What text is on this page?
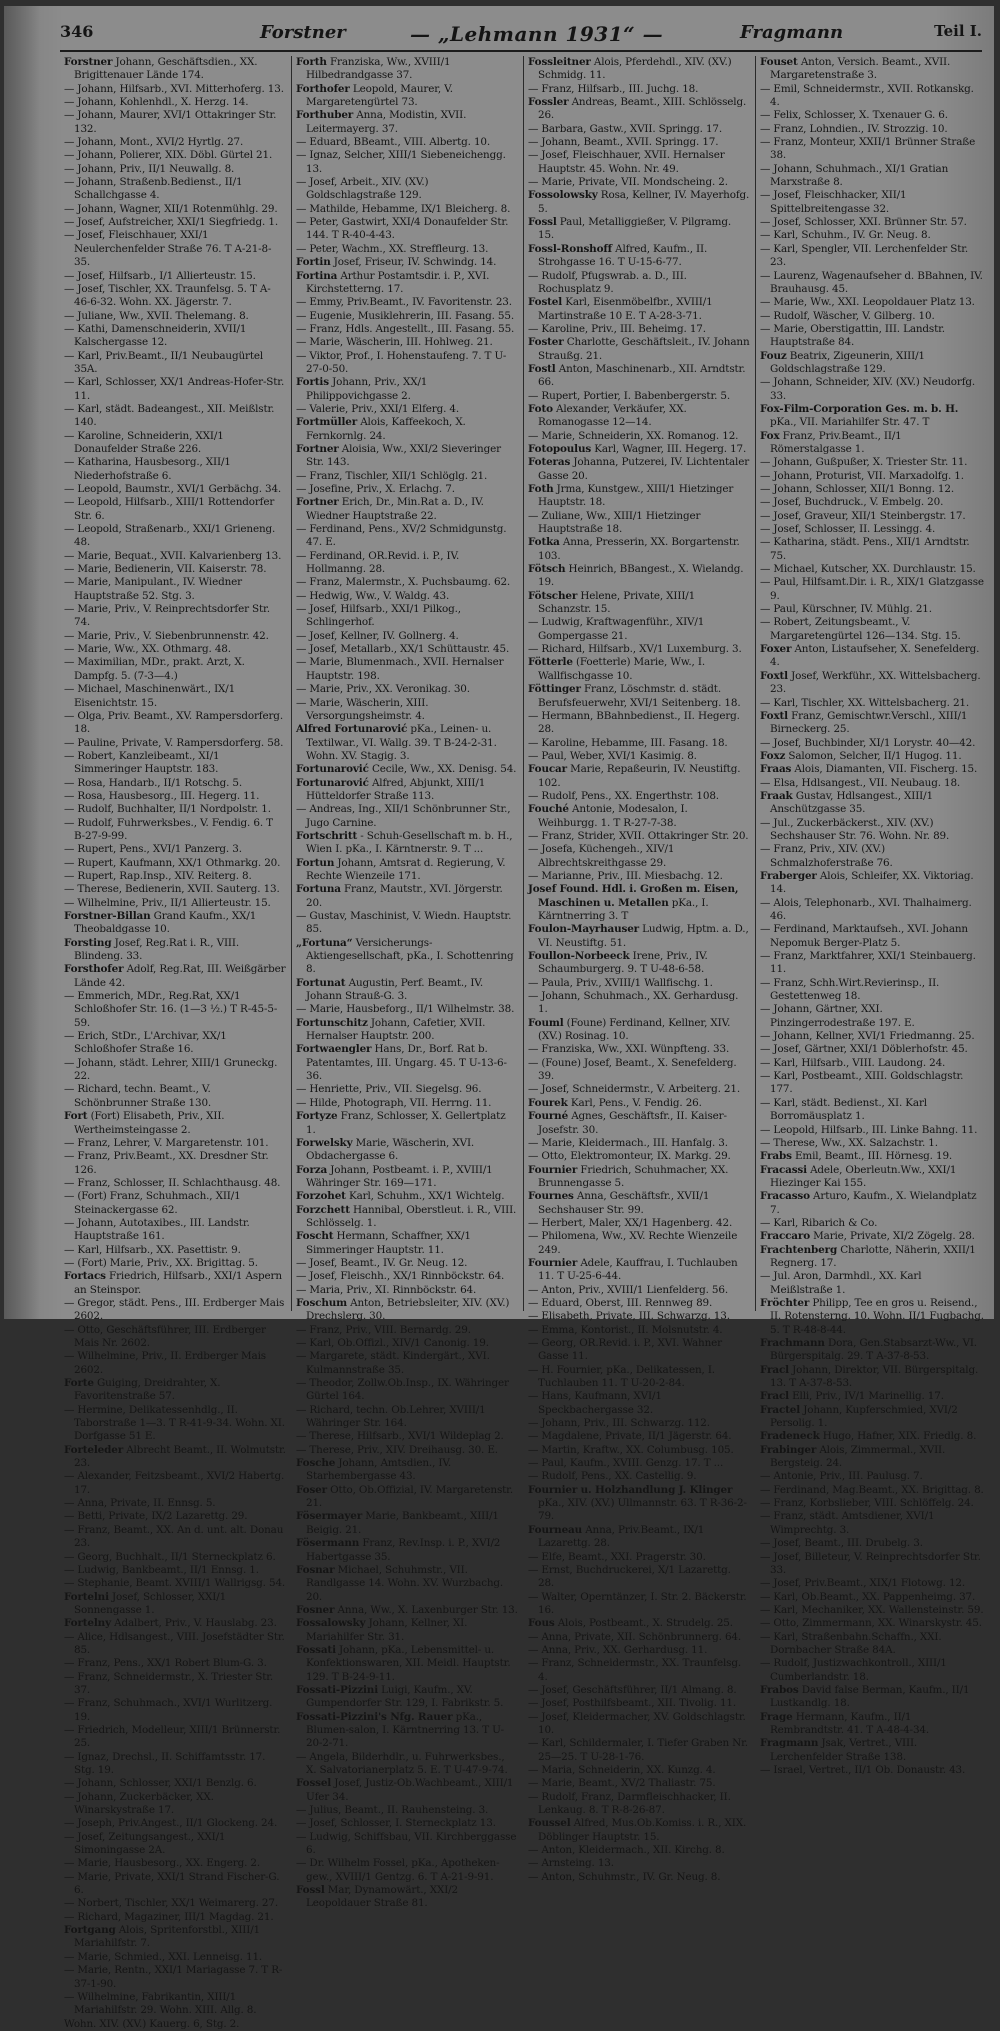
346	Forstner	— „Lehmann 1931“ —	Fragmann	Teil I.

Forstner Johann, Geschäftsdien., XX. Brigittenauer Lände 174.

— Johann, Hilfsarb., XVI. Mitterhoferg. 13.

— Johann, Kohlenhdl., X. Herzg. 14.

— Johann, Maurer, XVI/1 Ottakringer Str. 132.

— Johann, Mont., XVI/2 Hyrtlg. 27.

— Johann, Polierer, XIX. Döbl. Gürtel 21.

— Johann, Priv., II/1 Neuwallg. 8.

— Johann, Straßenb.Bedienst., II/1 Schallchgasse 4.

— Johann, Wagner, XII/1 Rotenmühlg. 29.

— Josef, Aufstreicher, XXI/1 Siegfriedg. 1.

— Josef, Fleischhauer, XXI/1 Neulerchenfelder Straße 76. T A-21-8-35.

— Josef, Hilfsarb., I/1 Allierteustr. 15.

— Josef, Tischler, XX. Traunfelsg. 5. T A-46-6-32. Wohn. XX. Jägerstr. 7.

— Juliane, Ww., XVII. Thelemang. 8.

— Kathi, Damenschneiderin, XVII/1 Kalschergasse 12.

— Karl, Priv.Beamt., II/1 Neubaugürtel 35A.

— Karl, Schlosser, XX/1 Andreas-Hofer-Str. 11.

— Karl, städt. Badeangest., XII. Meißlstr. 140.

— Karoline, Schneiderin, XXI/1 Donaufelder Straße 226.

— Katharina, Hausbesorg., XII/1 Niederhofstraße 6.

— Leopold, Baumstr., XVI/1 Gerbächg. 34.

— Leopold, Hilfsarb., XIII/1 Rottendorfer Str. 6.

— Leopold, Straßenarb., XXI/1 Grieneng. 48.

— Marie, Bequat., XVII. Kalvarienberg 13.

— Marie, Bedienerin, VII. Kaiserstr. 78.

— Marie, Manipulant., IV. Wiedner Hauptstraße 52. Stg. 3.

— Marie, Priv., V. Reinprechtsdorfer Str. 74.

— Marie, Priv., V. Siebenbrunnenstr. 42.

— Marie, Ww., XX. Othmarg. 48.

— Maximilian, MDr., prakt. Arzt, X. Dampfg. 5. (7-3—4.)

— Michael, Maschinenwärt., IX/1 Eisenichtstr. 15.

— Olga, Priv. Beamt., XV. Rampersdorferg. 18.

— Pauline, Private, V. Rampersdorferg. 58.

— Robert, Kanzleibeamt., XI/1 Simmeringer Hauptstr. 183.

— Rosa, Handarb., II/1 Rotschg. 5.

— Rosa, Hausbesorg., III. Hegerg. 11.

— Rudolf, Buchhalter, II/1 Nordpolstr. 1.

— Rudolf, Fuhrwerksbes., V. Fendig. 6. T B-27-9-99.

— Rupert, Pens., XVI/1 Panzerg. 3.

— Rupert, Kaufmann, XX/1 Othmarkg. 20.

— Rupert, Rap.Insp., XIV. Reiterg. 8.

— Therese, Bedienerin, XVII. Sauterg. 13.

— Wilhelmine, Priv., II/1 Allierteustr. 15.

Forstner-Billan Grand Kaufm., XX/1 Theobaldgasse 10.

Forsting Josef, Reg.Rat i. R., VIII. Blindeng. 33.

Forsthofer Adolf, Reg.Rat, III. Weißgärber Lände 42.

— Emmerich, MDr., Reg.Rat, XX/1 Schloßhofer Str. 16. (1—3 ½.) T R-45-5-59.

— Erich, StDr., L'Archivar, XX/1 Schloßhofer Straße 16.

— Johann, städt. Lehrer, XIII/1 Gruneckg. 22.

— Richard, techn. Beamt., V. Schönbrunner Straße 130.

Fort (Fort) Elisabeth, Priv., XII. Wertheimsteingasse 2.

— Franz, Lehrer, V. Margaretenstr. 101.

— Franz, Priv.Beamt., XX. Dresdner Str. 126.

— Franz, Schlosser, II. Schlachthausg. 48.

— (Fort) Franz, Schuhmach., XII/1 Steinackergasse 62.

— Johann, Autotaxibes., III. Landstr. Hauptstraße 161.

— Karl, Hilfsarb., XX. Pasettistr. 9.

— (Fort) Marie, Priv., XX. Brigittag. 5.

Fortacs Friedrich, Hilfsarb., XXI/1 Aspern an Steinspor.

— Gregor, städt. Pens., III. Erdberger Mais 2602.

— Otto, Geschäftsführer, III. Erdberger Mais Nr. 2602.

— Wilhelmine, Priv., II. Erdberger Mais 2602.

Forte Guiging, Dreidrahter, X. Favoritenstraße 57.

— Hermine, Delikatessenhdlg., II. Taborstraße 1—3. T R-41-9-34. Wohn. XI. Dorfgasse 51 E.

Forteleder Albrecht Beamt., II. Wolmutstr. 23.

— Alexander, Feitzsbeamt., XVI/2 Habertg. 17.

— Anna, Private, II. Ennsg. 5.

— Betti, Private, IX/2 Lazarettg. 29.

— Franz, Beamt., XX. An d. unt. alt. Donau 23.

— Georg, Buchhalt., II/1 Sterneckplatz 6.

— Ludwig, Bankbeamt., II/1 Ennsg. 1.

— Stephanie, Beamt. XVIII/1 Wallrigsg. 54.

Fortelni Josef, Schlosser, XXI/1 Sonnengasse 1.

Fortelny Adalbert, Priv., V. Hauslabg. 23.

— Alice, Hdlsangest., VIII. Josefstädter Str. 85.

— Franz, Pens., XX/1 Robert Blum-G. 3.

— Franz, Schneidermstr., X. Triester Str. 37.

— Franz, Schuhmach., XVI/1 Wurlitzerg. 19.

— Friedrich, Modelleur, XIII/1 Brünnerstr. 25.

— Ignaz, Drechsl., II. Schiffamtsstr. 17. Stg. 19.

— Johann, Schlosser, XXI/1 Benzlg. 6.

— Johann, Zuckerbäcker, XX. Winarskystraße 17.

— Joseph, Priv.Angest., II/1 Glockeng. 24.

— Josef, Zeitungsangest., XXI/1 Simoningasse 2A.

— Marie, Hausbesorg., XX. Engerg. 2.

— Marie, Private, XXI/1 Strand Fischer-G. 6.

— Norbert, Tischler, XX/1 Weimarerg. 27.

— Richard, Magaziner, III/1 Magdag. 21.

Fortgang Alois, Spritenforstbl., XIII/1 Mariahilfstr. 7.

— Marie, Schmied., XXI. Lenneisg. 11.

— Marie, Rentn., XXI/1 Mariagasse 7. T R-37-1-90.

— Wilhelmine, Fabrikantin, XIII/1 Mariahilfstr. 29. Wohn. XIII. Allg. 8.

Wohn. XIV. (XV.) Kauerg. 6, Stg. 2.

Forth Franziska, Ww., XVIII/1 Hilbedrandgasse 37.

Forthofer Leopold, Maurer, V. Margaretengürtel 73.

Forthuber Anna, Modistin, XVII. Leitermayerg. 37.

— Eduard, BBeamt., VIII. Albertg. 10.

— Ignaz, Selcher, XIII/1 Siebeneichengg. 13.

— Josef, Arbeit., XIV. (XV.) Goldschlagstraße 129.

— Mathilde, Hebamme, IX/1 Bleicherg. 8.

— Peter, Gastwirt, XXI/4 Donaufelder Str. 144. T R-40-4-43.

— Peter, Wachm., XX. Streffleurg. 13.

Fortin Josef, Friseur, IV. Schwindg. 14.

Fortina Arthur Postamtsdir. i. P., XVI. Kirchstetterng. 17.

— Emmy, Priv.Beamt., IV. Favoritenstr. 23.

— Eugenie, Musiklehrerin, III. Fasang. 55.

— Franz, Hdls. Angestellt., III. Fasang. 55.

— Marie, Wäscherin, III. Hohlweg. 21.

— Viktor, Prof., I. Hohenstaufeng. 7. T U-27-0-50.

Fortis Johann, Priv., XX/1 Philippovichgasse 2.

— Valerie, Priv., XXI/1 Elferg. 4.

Fortmüller Alois, Kaffeekoch, X. Fernkornlg. 24.

Fortner Aloisia, Ww., XXI/2 Sieveringer Str. 143.

— Franz, Tischler, XII/1 Schlöglg. 21.

— Josefine, Priv., X. Erlachg. 7.

Fortner Erich, Dr., Min.Rat a. D., IV. Wiedner Hauptstraße 22.

— Ferdinand, Pens., XV/2 Schmidgunstg. 47. E.

— Ferdinand, OR.Revid. i. P., IV. Hollmanng. 28.

— Franz, Malermstr., X. Puchsbaumg. 62.

— Hedwig, Ww., V. Waldg. 43.

— Josef, Hilfsarb., XXI/1 Pilkog., Schlingerhof.

— Josef, Kellner, IV. Gollnerg. 4.

— Josef, Metallarb., XX/1 Schüttaustr. 45.

— Marie, Blumenmach., XVII. Hernalser Hauptstr. 198.

— Marie, Priv., XX. Veronikag. 30.

— Marie, Wäscherin, XIII. Versorgungsheimstr. 4.

Alfred Fortunarović pKa., Leinen- u. Textilwar., VI. Wallg. 39. T B-24-2-31. Wohn. XV. Stagig. 3.

Fortunarović Cecile, Ww., XX. Denisg. 54.

Fortunarović Alfred, Abjunkt, XIII/1 Hütteldorfer Straße 113.

— Andreas, Ing., XII/1 Schönbrunner Str., Jugo Carnine.

Fortschritt - Schuh-Gesellschaft m. b. H., Wien I. pKa., I. Kärntnerstr. 9. T ...

Fortun Johann, Amtsrat d. Regierung, V. Rechte Wienzeile 171.

Fortuna Franz, Mautstr., XVI. Jörgerstr. 20.

— Gustav, Maschinist, V. Wiedn. Hauptstr. 85.

„Fortuna“ Versicherungs-Aktiengesellschaft, pKa., I. Schottenring 8.

Fortunat Augustin, Perf. Beamt., IV. Johann Strauß-G. 3.

— Marie, Hausbeforg., II/1 Wilhelmstr. 38.

Fortunschitz Johann, Cafetier, XVII. Hernalser Hauptstr. 200.

Fortwaengler Hans, Dr., Borf. Rat b. Patentamtes, III. Ungarg. 45. T U-13-6-36.

— Henriette, Priv., VII. Siegelsg. 96.

— Hilde, Photograph, VII. Herrng. 11.

Fortyze Franz, Schlosser, X. Gellertplatz 1.

Forwelsky Marie, Wäscherin, XVI. Obdachergasse 6.

Forza Johann, Postbeamt. i. P., XVIII/1 Währinger Str. 169—171.

Forzohet Karl, Schuhm., XX/1 Wichtelg.

Forzchett Hannibal, Oberstleut. i. R., VIII. Schlösselg. 1.

Foscht Hermann, Schaffner, XX/1 Simmeringer Hauptstr. 11.

— Josef, Beamt., IV. Gr. Neug. 12.

— Josef, Fleischh., XX/1 Rinnböckstr. 64.

— Maria, Priv., XI. Rinnböckstr. 64.

Foschum Anton, Betriebsleiter, XIV. (XV.) Drechslerg. 30.

— Franz, Priv., VIII. Bernardg. 29.

— Karl, Ob.Offizl., XIV/1 Canonig. 19.

— Margarete, städt. Kindergärt., XVI. Kulmannstraße 35.

— Theodor, Zollw.Ob.Insp., IX. Währinger Gürtel 164.

— Richard, techn. Ob.Lehrer, XVIII/1 Währinger Str. 164.

— Therese, Hilfsarb., XVI/1 Wildeplag 2.

— Therese, Priv., XIV. Dreihausg. 30. E.

Fosche Johann, Amtsdien., IV. Starhembergasse 43.

Foser Otto, Ob.Offizial, IV. Margaretenstr. 21.

Fösermayer Marie, Bankbeamt., XIII/1 Beigig. 21.

Fösermann Franz, Rev.Insp. i. P., XVI/2 Habertgasse 35.

Fosnar Michael, Schuhmstr., VII. Randlgasse 14. Wohn. XV. Wurzbachg. 20.

Fosner Anna, Ww., X. Laxenburger Str. 13.

Fossalowsky Johann, Kellner, XI. Mariahilfer Str. 31.

Fossati Johann, pKa., Lebensmittel- u. Konfektionswaren, XII. Meidl. Hauptstr. 129. T B-24-9-11.

Fossati-Pizzini Luigi, Kaufm., XV. Gumpendorfer Str. 129, I. Fabrikstr. 5.

Fossati-Pizzini's Nfg. Rauer pKa., Blumen-salon, I. Kärntnerring 13. T U-20-2-71.

— Angela, Bilderhdlr., u. Fuhrwerksbes., X. Salvatorianerplatz 5. E. T U-47-9-74.

Fossel Josef, Justiz-Ob.Wachbeamt., XIII/1 Ufer 34.

— Julius, Beamt., II. Rauhensteing. 3.

— Josef, Schlosser, I. Sterneckplatz 13.

— Ludwig, Schiffsbau, VII. Kirchberggasse 6.

— Dr. Wilhelm Fossel, pKa., Apotheken-gew., XVIII/1 Gentzg. 6. T A-21-9-91.

Fossl Mar, Dynamowärt., XXI/2 Leopoldauer Straße 81.

Fossleitner Alois, Pferdehdl., XIV. (XV.) Schmidg. 11.

— Franz, Hilfsarb., III. Juchg. 18.

Fossler Andreas, Beamt., XIII. Schlösselg. 26.

— Barbara, Gastw., XVII. Springg. 17.

— Johann, Beamt., XVII. Springg. 17.

— Josef, Fleischhauer, XVII. Hernalser Hauptstr. 45. Wohn. Nr. 49.

— Marie, Private, VII. Mondscheing. 2.

Fossolowsky Rosa, Kellner, IV. Mayerhofg. 5.

Fossl Paul, Metalliggießer, V. Pilgramg. 15.

Fossl-Ronshoff Alfred, Kaufm., II. Strohgasse 16. T U-15-6-77.

— Rudolf, Pfugswrab. a. D., III. Rochusplatz 9.

Fostel Karl, Eisenmöbelfbr., XVIII/1 Martinstraße 10 E. T A-28-3-71.

— Karoline, Priv., III. Beheimg. 17.

Foster Charlotte, Geschäftsleit., IV. Johann Straußg. 21.

Fostl Anton, Maschinenarb., XII. Arndtstr. 66.

— Rupert, Portier, I. Babenbergerstr. 5.

Foto Alexander, Verkäufer, XX. Romanogasse 12—14.

— Marie, Schneiderin, XX. Romanog. 12.

Fotopoulus Karl, Wagner, III. Hegerg. 17.

Foteras Johanna, Putzerei, IV. Lichtentaler Gasse 20.

Foth Jrma, Kunstgew., XIII/1 Hietzinger Hauptstr. 18.

— Zuliane, Ww., XIII/1 Hietzinger Hauptstraße 18.

Fotka Anna, Presserin, XX. Borgartenstr. 103.

Fötsch Heinrich, BBangest., X. Wielandg. 19.

Fötscher Helene, Private, XIII/1 Schanzstr. 15.

— Ludwig, Kraftwagenführ., XIV/1 Gompergasse 21.

— Richard, Hilfsarb., XV/1 Luxemburg. 3.

Fötterle (Foetterle) Marie, Ww., I. Wallfischgasse 10.

Föttinger Franz, Löschmstr. d. städt. Berufsfeuerwehr, XVI/1 Seitenberg. 18.

— Hermann, BBahnbedienst., II. Hegerg. 28.

— Karoline, Hebamme, III. Fasang. 18.

— Paul, Weber, XVI/1 Kasimig. 8.

Foucar Marie, Repaßeurin, IV. Neustiftg. 102.

— Rudolf, Pens., XX. Engerthstr. 108.

Fouché Antonie, Modesalon, I. Weihburgg. 1. T R-27-7-38.

— Franz, Strider, XVII. Ottakringer Str. 20.

— Josefa, Küchengeh., XIV/1 Albrechtskreithgasse 29.

— Marianne, Priv., III. Miesbachg. 12.

Josef Found. Hdl. i. Großen m. Eisen, Maschinen u. Metallen pKa., I. Kärntnerring 3. T

Foulon-Mayrhauser Ludwig, Hptm. a. D., VI. Neustiftg. 51.

Foullon-Norbeeck Irene, Priv., IV. Schaumburgerg. 9. T U-48-6-58.

— Paula, Priv., XVIII/1 Wallfischg. 1.

— Johann, Schuhmach., XX. Gerhardusg. 1.

Fouml (Foune) Ferdinand, Kellner, XIV. (XV.) Rosinag. 10.

— Franziska, Ww., XXI. Wünpfteng. 33.

— (Foune) Josef, Beamt., X. Senefelderg. 39.

— Josef, Schneidermstr., V. Arbeiterg. 21.

Fourek Karl, Pens., V. Fendig. 26.

Fourné Agnes, Geschäftsfr., II. Kaiser-Josefstr. 30.

— Marie, Kleidermach., III. Hanfalg. 3.

— Otto, Elektromonteur, IX. Markg. 29.

Fournier Friedrich, Schuhmacher, XX. Brunnengasse 5.

Fournes Anna, Geschäftsfr., XVII/1 Sechshauser Str. 99.

— Herbert, Maler, XX/1 Hagenberg. 42.

— Philomena, Ww., XV. Rechte Wienzeile 249.

Fournier Adele, Kauffrau, I. Tuchlauben 11. T U-25-6-44.

— Anton, Priv., XVIII/1 Lienfelderg. 56.

— Eduard, Oberst, III. Rennweg 89.

— Elisabeth, Private, III. Schwarzg. 13.

— Emma, Kontorist., II. Molsnutstr. 4.

— Georg, OR.Revid. i. P., XVI. Wahner Gasse 11.

— H. Fournier, pKa., Delikatessen, I. Tuchlauben 11. T U-20-2-84.

— Hans, Kaufmann, XVI/1 Speckbachergasse 32.

— Johann, Priv., III. Schwarzg. 112.

— Magdalene, Private, II/1 Jägerstr. 64.

— Martin, Kraftw., XX. Columbusg. 105.

— Paul, Kaufm., XVIII. Genzg. 17. T ...

— Rudolf, Pens., XX. Castellig. 9.

Fournier u. Holzhandlung J. Klinger pKa., XIV. (XV.) Ullmannstr. 63. T R-36-2-79.

Fourneau Anna, Priv.Beamt., IX/1 Lazarettg. 28.

— Elfe, Beamt., XXI. Pragerstr. 30.

— Ernst, Buchdruckerei, X/1 Lazarettg. 28.

— Walter, Operntänzer, I. Str. 2. Bäckerstr. 16.

Fous Alois, Postbeamt., X. Strudelg. 25.

— Anna, Private, XII. Schönbrunnerg. 64.

— Anna, Priv., XX. Gerhardusg. 11.

— Franz, Schneidermstr., XX. Traunfelsg. 4.

— Josef, Geschäftsführer, II/1 Almang. 8.

— Josef, Posthilfsbeamt., XII. Tivolig. 11.

— Josef, Kleidermacher, XV. Goldschlagstr. 10.

— Karl, Schildermaler, I. Tiefer Graben Nr. 25—25. T U-28-1-76.

— Maria, Schneiderin, XX. Kunzg. 4.

— Marie, Beamt., XV/2 Thaliastr. 75.

— Rudolf, Franz, Darmfleischhacker, II. Lenkaug. 8. T R-8-26-87.

Foussel Alfred, Mus.Ob.Komiss. i. R., XIX. Döblinger Hauptstr. 15.

— Anton, Kleidermach., XII. Kirchg. 8.

— Arnsteing. 13.

— Anton, Schuhmstr., IV. Gr. Neug. 8.

Fouset Anton, Versich. Beamt., XVII. Margaretenstraße 3.

— Emil, Schneidermstr., XVII. Rotkanskg. 4.

— Felix, Schlosser, X. Txenauer G. 6.

— Franz, Lohndien., IV. Strozzig. 10.

— Franz, Monteur, XXII/1 Brünner Straße 38.

— Johann, Schuhmach., XI/1 Gratian Marxstraße 8.

— Josef, Fleischhacker, XII/1 Spittelbreitengasse 32.

— Josef, Schlosser, XXI. Brünner Str. 57.

— Karl, Schuhm., IV. Gr. Neug. 8.

— Karl, Spengler, VII. Lerchenfelder Str. 23.

— Laurenz, Wagenaufseher d. BBahnen, IV. Brauhausg. 45.

— Marie, Ww., XXI. Leopoldauer Platz 13.

— Rudolf, Wäscher, V. Gilberg. 10.

— Marie, Oberstigattin, III. Landstr. Hauptstraße 84.

Fouz Beatrix, Zigeunerin, XIII/1 Goldschlagstraße 129.

— Johann, Schneider, XIV. (XV.) Neudorfg. 33.

Fox-Film-Corporation Ges. m. b. H. pKa., VII. Mariahilfer Str. 47. T

Fox Franz, Priv.Beamt., II/1 Römerstalgasse 1.

— Johann, Gußpußer, X. Triester Str. 11.

— Johann, Proturist, VII. Marxadolfg. 1.

— Johann, Schlosser, XII/1 Bonng. 12.

— Josef, Buchdruck., V. Embelg. 20.

— Josef, Graveur, XII/1 Steinbergstr. 17.

— Josef, Schlosser, II. Lessingg. 4.

— Katharina, städt. Pens., XII/1 Arndtstr. 75.

— Michael, Kutscher, XX. Durchlaustr. 15.

— Paul, Hilfsamt.Dir. i. R., XIX/1 Glatzgasse 9.

— Paul, Kürschner, IV. Mühlg. 21.

— Robert, Zeitungsbeamt., V. Margaretengürtel 126—134. Stg. 15.

Foxer Anton, Listaufseher, X. Senefelderg. 4.

Foxtl Josef, Werkführ., XX. Wittelsbacherg. 23.

— Karl, Tischler, XX. Wittelsbacherg. 21.

Foxtl Franz, Gemischtwr.Verschl., XIII/1 Birneckerg. 25.

— Josef, Buchbinder, XI/1 Lorystr. 40—42.

Foxz Salomon, Selcher, II/1 Hugog. 11.

Fraas Alois, Diamanten, VII. Fischerg. 15.

— Elsa, Hdlsangest., VII. Neubaug. 18.

Fraak Gustav, Hdlsangest., XIII/1 Anschützgasse 35.

— Jul., Zuckerbäckerst., XIV. (XV.) Sechshauser Str. 76. Wohn. Nr. 89.

— Franz, Priv., XIV. (XV.) Schmalzhoferstraße 76.

Fraberger Alois, Schleifer, XX. Viktoriag. 14.

— Alois, Telephonarb., XVI. Thalhaimerg. 46.

— Ferdinand, Marktaufseh., XVI. Johann Nepomuk Berger-Platz 5.

— Franz, Marktfahrer, XXI/1 Steinbauerg. 11.

— Franz, Schh.Wirt.Revierinsp., II. Gestettenweg 18.

— Johann, Gärtner, XXI. Pinzingerrodestraße 197. E.

— Johann, Kellner, XVI/1 Friedmanng. 25.

— Josef, Gärtner, XXI/1 Döblerhofstr. 45.

— Karl, Hilfsarb., VIII. Laudong. 24.

— Karl, Postbeamt., XIII. Goldschlagstr. 177.

— Karl, städt. Bedienst., XI. Karl Borromäusplatz 1.

— Leopold, Hilfsarb., III. Linke Bahng. 11.

— Therese, Ww., XX. Salzachstr. 1.

Frabs Emil, Beamt., III. Hörnesg. 19.

Fracassi Adele, Oberleutn.Ww., XXI/1 Hiezinger Kai 155.

Fracasso Arturo, Kaufm., X. Wielandplatz 7.

— Karl, Ribarich & Co.

Fraccaro Marie, Private, XI/2 Zögelg. 28.

Frachtenberg Charlotte, Näherin, XXII/1 Regnerg. 17.

— Jul. Aron, Darmhdl., XX. Karl Meißlstraße 1.

Fröchter Philipp, Tee en gros u. Reisend., II. Rotensterng. 10. Wohn. II/1 Fugbachg. 5. T R-48-8-44.

Frachmann Dora, Gen.Stabsarzt-Ww., VI. Bürgerspitalg. 29. T A-37-8-53.

Fracl Johann, Direktor, VII. Bürgerspitalg. 13. T A-37-8-53.

Fracl Elli, Priv., IV/1 Marinellig. 17.

Fractel Johann, Kupferschmied, XVI/2 Persolig. 1.

Fradeneck Hugo, Hafner, XIX. Friedlg. 8.

Frabinger Alois, Zimmermal., XVII. Bergsteig. 24.

— Antonie, Priv., III. Paulusg. 7.

— Ferdinand, Mag.Beamt., XX. Brigittag. 8.

— Franz, Korbslieber, VIII. Schlöffelg. 24.

— Franz, städt. Amtsdiener, XVI/1 Wimprechtg. 3.

— Josef, Beamt., III. Drubelg. 3.

— Josef, Billeteur, V. Reinprechtsdorfer Str. 33.

— Josef, Priv.Beamt., XIX/1 Flotowg. 12.

— Karl, Ob.Beamt., XX. Pappenheimg. 37.

— Karl, Mechaniker, XX. Wallensteinstr. 59.

— Otto, Zimmermann, XX. Winarskystr. 45.

— Karl, Straßenbahn.Schaffn., XXI. Dornbacher Straße 84A.

— Rudolf, Justizwachkontroll., XIII/1 Cumberlandstr. 18.

Frabos David false Berman, Kaufm., II/1 Lustkandlg. 18.

Frage Hermann, Kaufm., II/1 Rembrandtstr. 41. T A-48-4-34.

Fragmann Jsak, Vertret., VIII. Lerchenfelder Straße 138.

— Israel, Vertret., II/1 Ob. Donaustr. 43.
